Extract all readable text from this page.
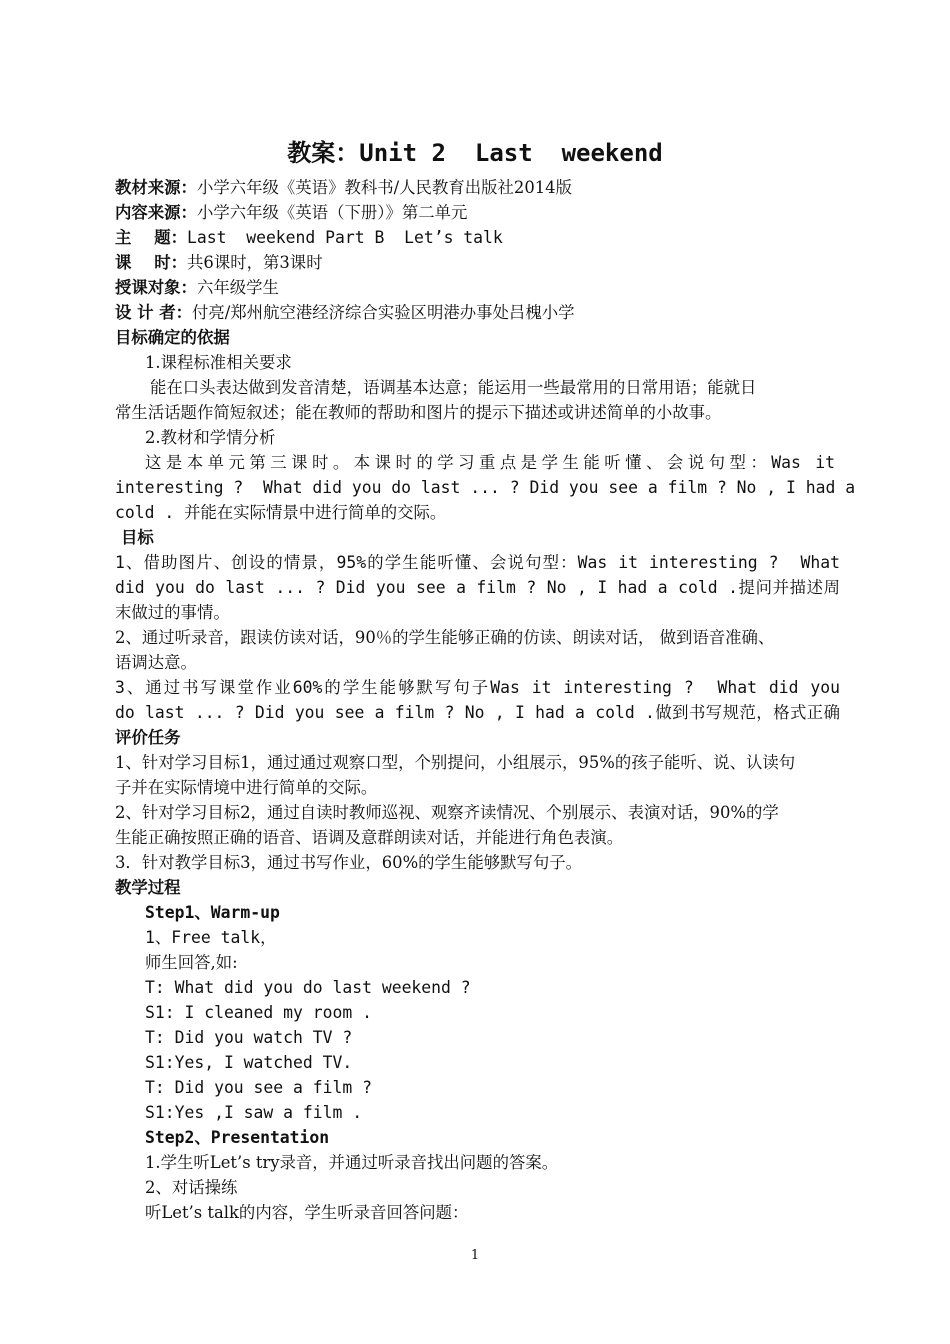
教案：Unit 2  Last  weekend
教材来源：小学六年级《英语》教科书/人民教育出版社2014版
内容来源：小学六年级《英语（下册）》第二单元
主    题：Last  weekend Part B  Let’s talk
课    时：共6课时，第3课时
授课对象：六年级学生
设 计 者：付亮/郑州航空港经济综合实验区明港办事处吕槐小学
目标确定的依据
1.课程标准相关要求
能在口头表达做到发音清楚，语调基本达意；能运用一些最常用的日常用语；能就日
常生活话题作简短叙述；能在教师的帮助和图片的提示下描述或讲述简单的小故事。
2.教材和学情分析
这是本单元第三课时。本课时的学习重点是学生能听懂、会说句型：Was it
interesting ?  What did you do last ... ? Did you see a film ? No , I had a
cold . 并能在实际情景中进行简单的交际。
目标
1、借助图片、创设的情景，95%的学生能听懂、会说句型：Was it interesting ?  What
did you do last ... ? Did you see a film ? No , I had a cold .提问并描述周
末做过的事情。
2、通过听录音，跟读仿读对话，90％的学生能够正确的仿读、朗读对话， 做到语音准确、
语调达意。
3、通过书写课堂作业60%的学生能够默写句子Was it interesting ?  What did you
do last ... ? Did you see a film ? No , I had a cold .做到书写规范，格式正确
评价任务
1、针对学习目标1，通过通过观察口型，个别提问，小组展示，95%的孩子能听、说、认读句
子并在实际情境中进行简单的交际。
2、针对学习目标2，通过自读时教师巡视、观察齐读情况、个别展示、表演对话，90%的学
生能正确按照正确的语音、语调及意群朗读对话，并能进行角色表演。
3．针对教学目标3，通过书写作业，60%的学生能够默写句子。
教学过程
Step1、Warm-up
1、Free talk，
师生回答,如:
T: What did you do last weekend ?
S1: I cleaned my room .
T: Did you watch TV ?
S1:Yes, I watched TV.
T: Did you see a film ?
S1:Yes ,I saw a film .
Step2、Presentation
1.学生听Let’s try录音，并通过听录音找出问题的答案。
2、对话操练
听Let’s talk的内容，学生听录音回答问题：
1
